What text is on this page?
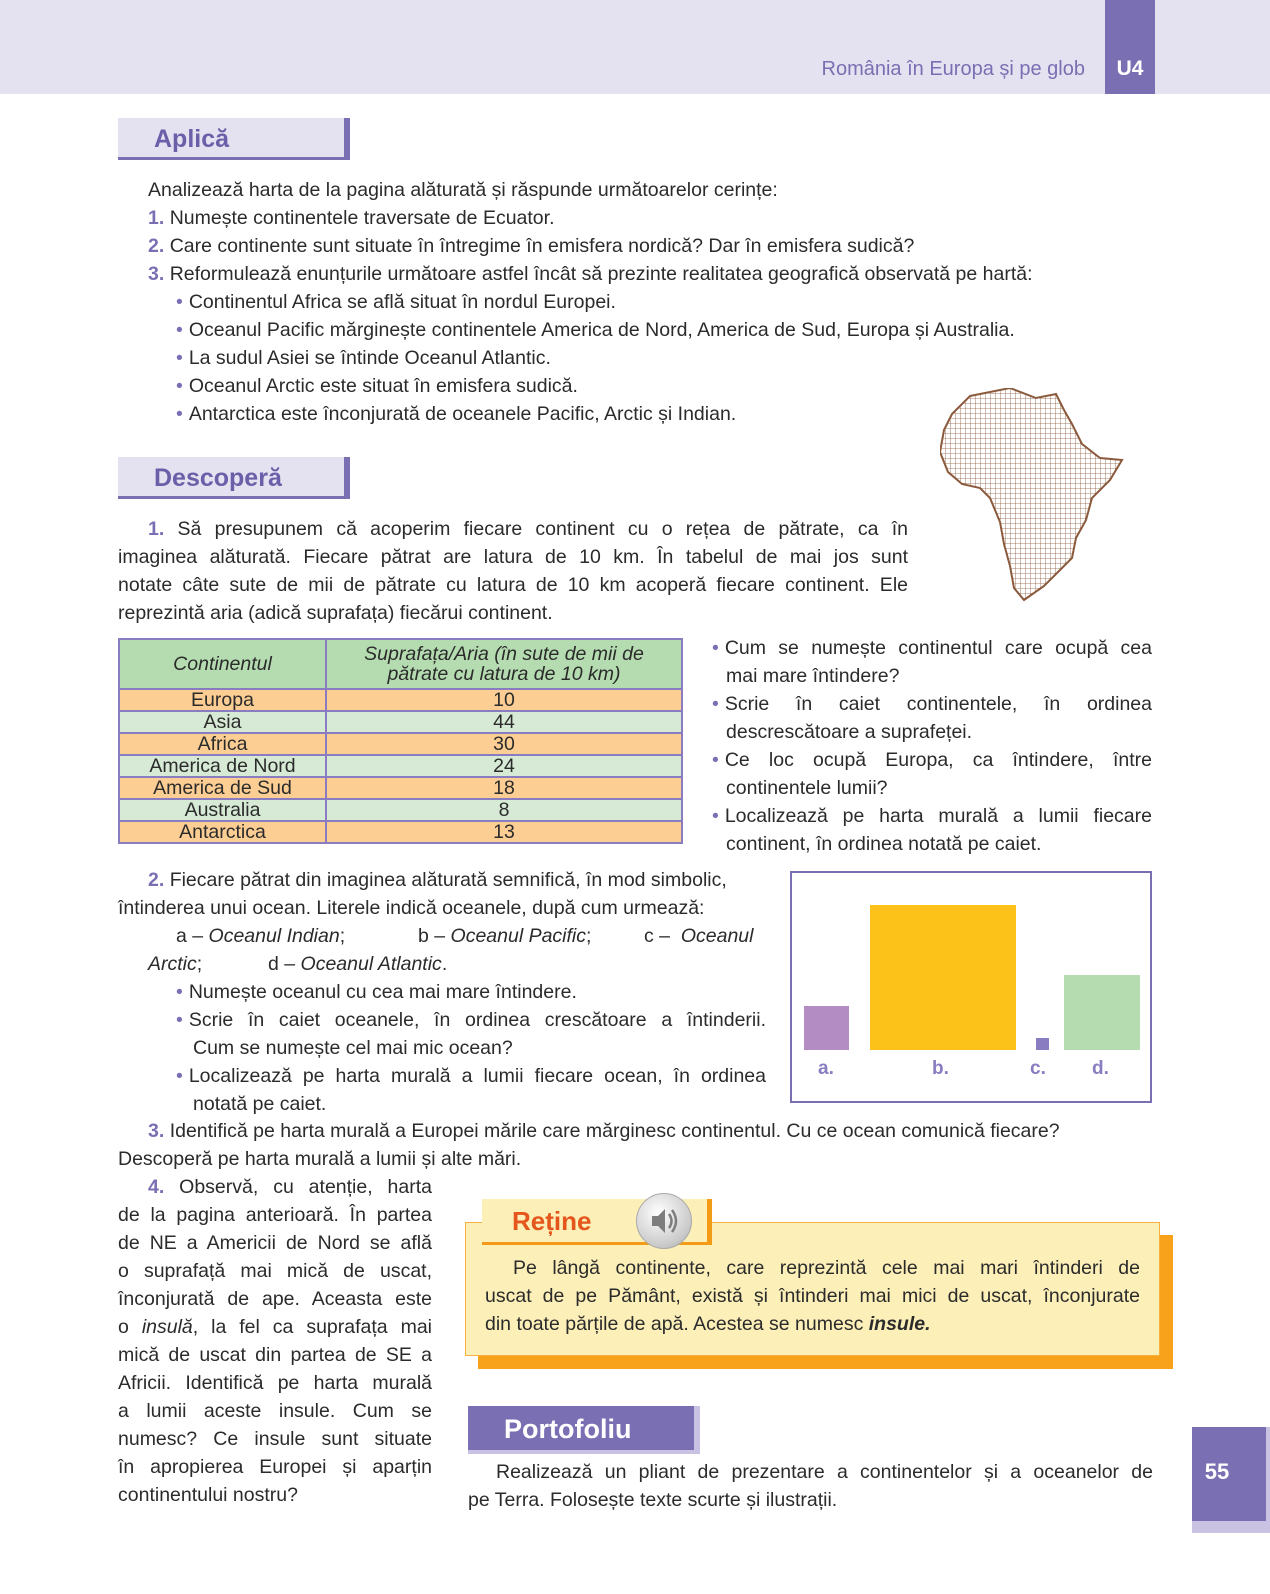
România în Europa și pe glob	U4
Aplică
Analizează harta de la pagina alăturată și răspunde următoarelor cerințe:
1. Numește continentele traversate de Ecuator.
2. Care continente sunt situate în întregime în emisfera nordică? Dar în emisfera sudică?
3. Reformulează enunțurile următoare astfel încât să prezinte realitatea geografică observată pe hartă:
• Continentul Africa se află situat în nordul Europei.
• Oceanul Pacific mărginește continentele America de Nord, America de Sud, Europa și Australia.
• La sudul Asiei se întinde Oceanul Atlantic.
• Oceanul Arctic este situat în emisfera sudică.
• Antarctica este înconjurată de oceanele Pacific, Arctic și Indian.
Descoperă
1. Să presupunem că acoperim fiecare continent cu o rețea de pătrate, ca în
imaginea alăturată. Fiecare pătrat are latura de 10 km. În tabelul de mai jos sunt
notate câte sute de mii de pătrate cu latura de 10 km acoperă fiecare continent. Ele
reprezintă aria (adică suprafața) fiecărui continent.
Continentul	Suprafața/Aria (în sute de mii de
pătrate cu latura de 10 km)
Europa	10
Asia	44
Africa	30
America de Nord	24
America de Sud	18
Australia	8
Antarctica	13
• Cum se numește continentul care ocupă cea
mai mare întindere?
• Scrie în caiet continentele, în ordinea
descrescătoare a suprafeței.
• Ce loc ocupă Europa, ca întindere, între
continentele lumii?
• Localizează pe harta murală a lumii fiecare
continent, în ordinea notată pe caiet.
2. Fiecare pătrat din imaginea alăturată semnifică, în mod simbolic,
întinderea unui ocean. Literele indică oceanele, după cum urmează:
a – Oceanul Indian;	b – Oceanul Pacific;	c – Oceanul
Arctic;	d – Oceanul Atlantic.
• Numește oceanul cu cea mai mare întindere.
• Scrie în caiet oceanele, în ordinea crescătoare a întinderii.
Cum se numește cel mai mic ocean?
• Localizează pe harta murală a lumii fiecare ocean, în ordinea
notată pe caiet.
a.	b.	c. d.
3. Identifică pe harta murală a Europei mările care mărginesc continentul. Cu ce ocean comunică fiecare?
Descoperă pe harta murală a lumii și alte mări.
4. Observă, cu atenție, harta
de la pagina anterioară. În partea
de NE a Americii de Nord se află
o suprafață mai mică de uscat,
înconjurată de ape. Aceasta este
o insulă, la fel ca suprafața mai
mică de uscat din partea de SE a
Africii. Identifică pe harta murală
a lumii aceste insule. Cum se
numesc? Ce insule sunt situate
în apropierea Europei și aparțin
continentului nostru?
Reține
Pe lângă continente, care reprezintă cele mai mari întinderi de
uscat de pe Pământ, există și întinderi mai mici de uscat, înconjurate
din toate părțile de apă. Acestea se numesc insule.
Portofoliu
Realizează un pliant de prezentare a continentelor și a oceanelor de
pe Terra. Folosește texte scurte și ilustrații.
55
